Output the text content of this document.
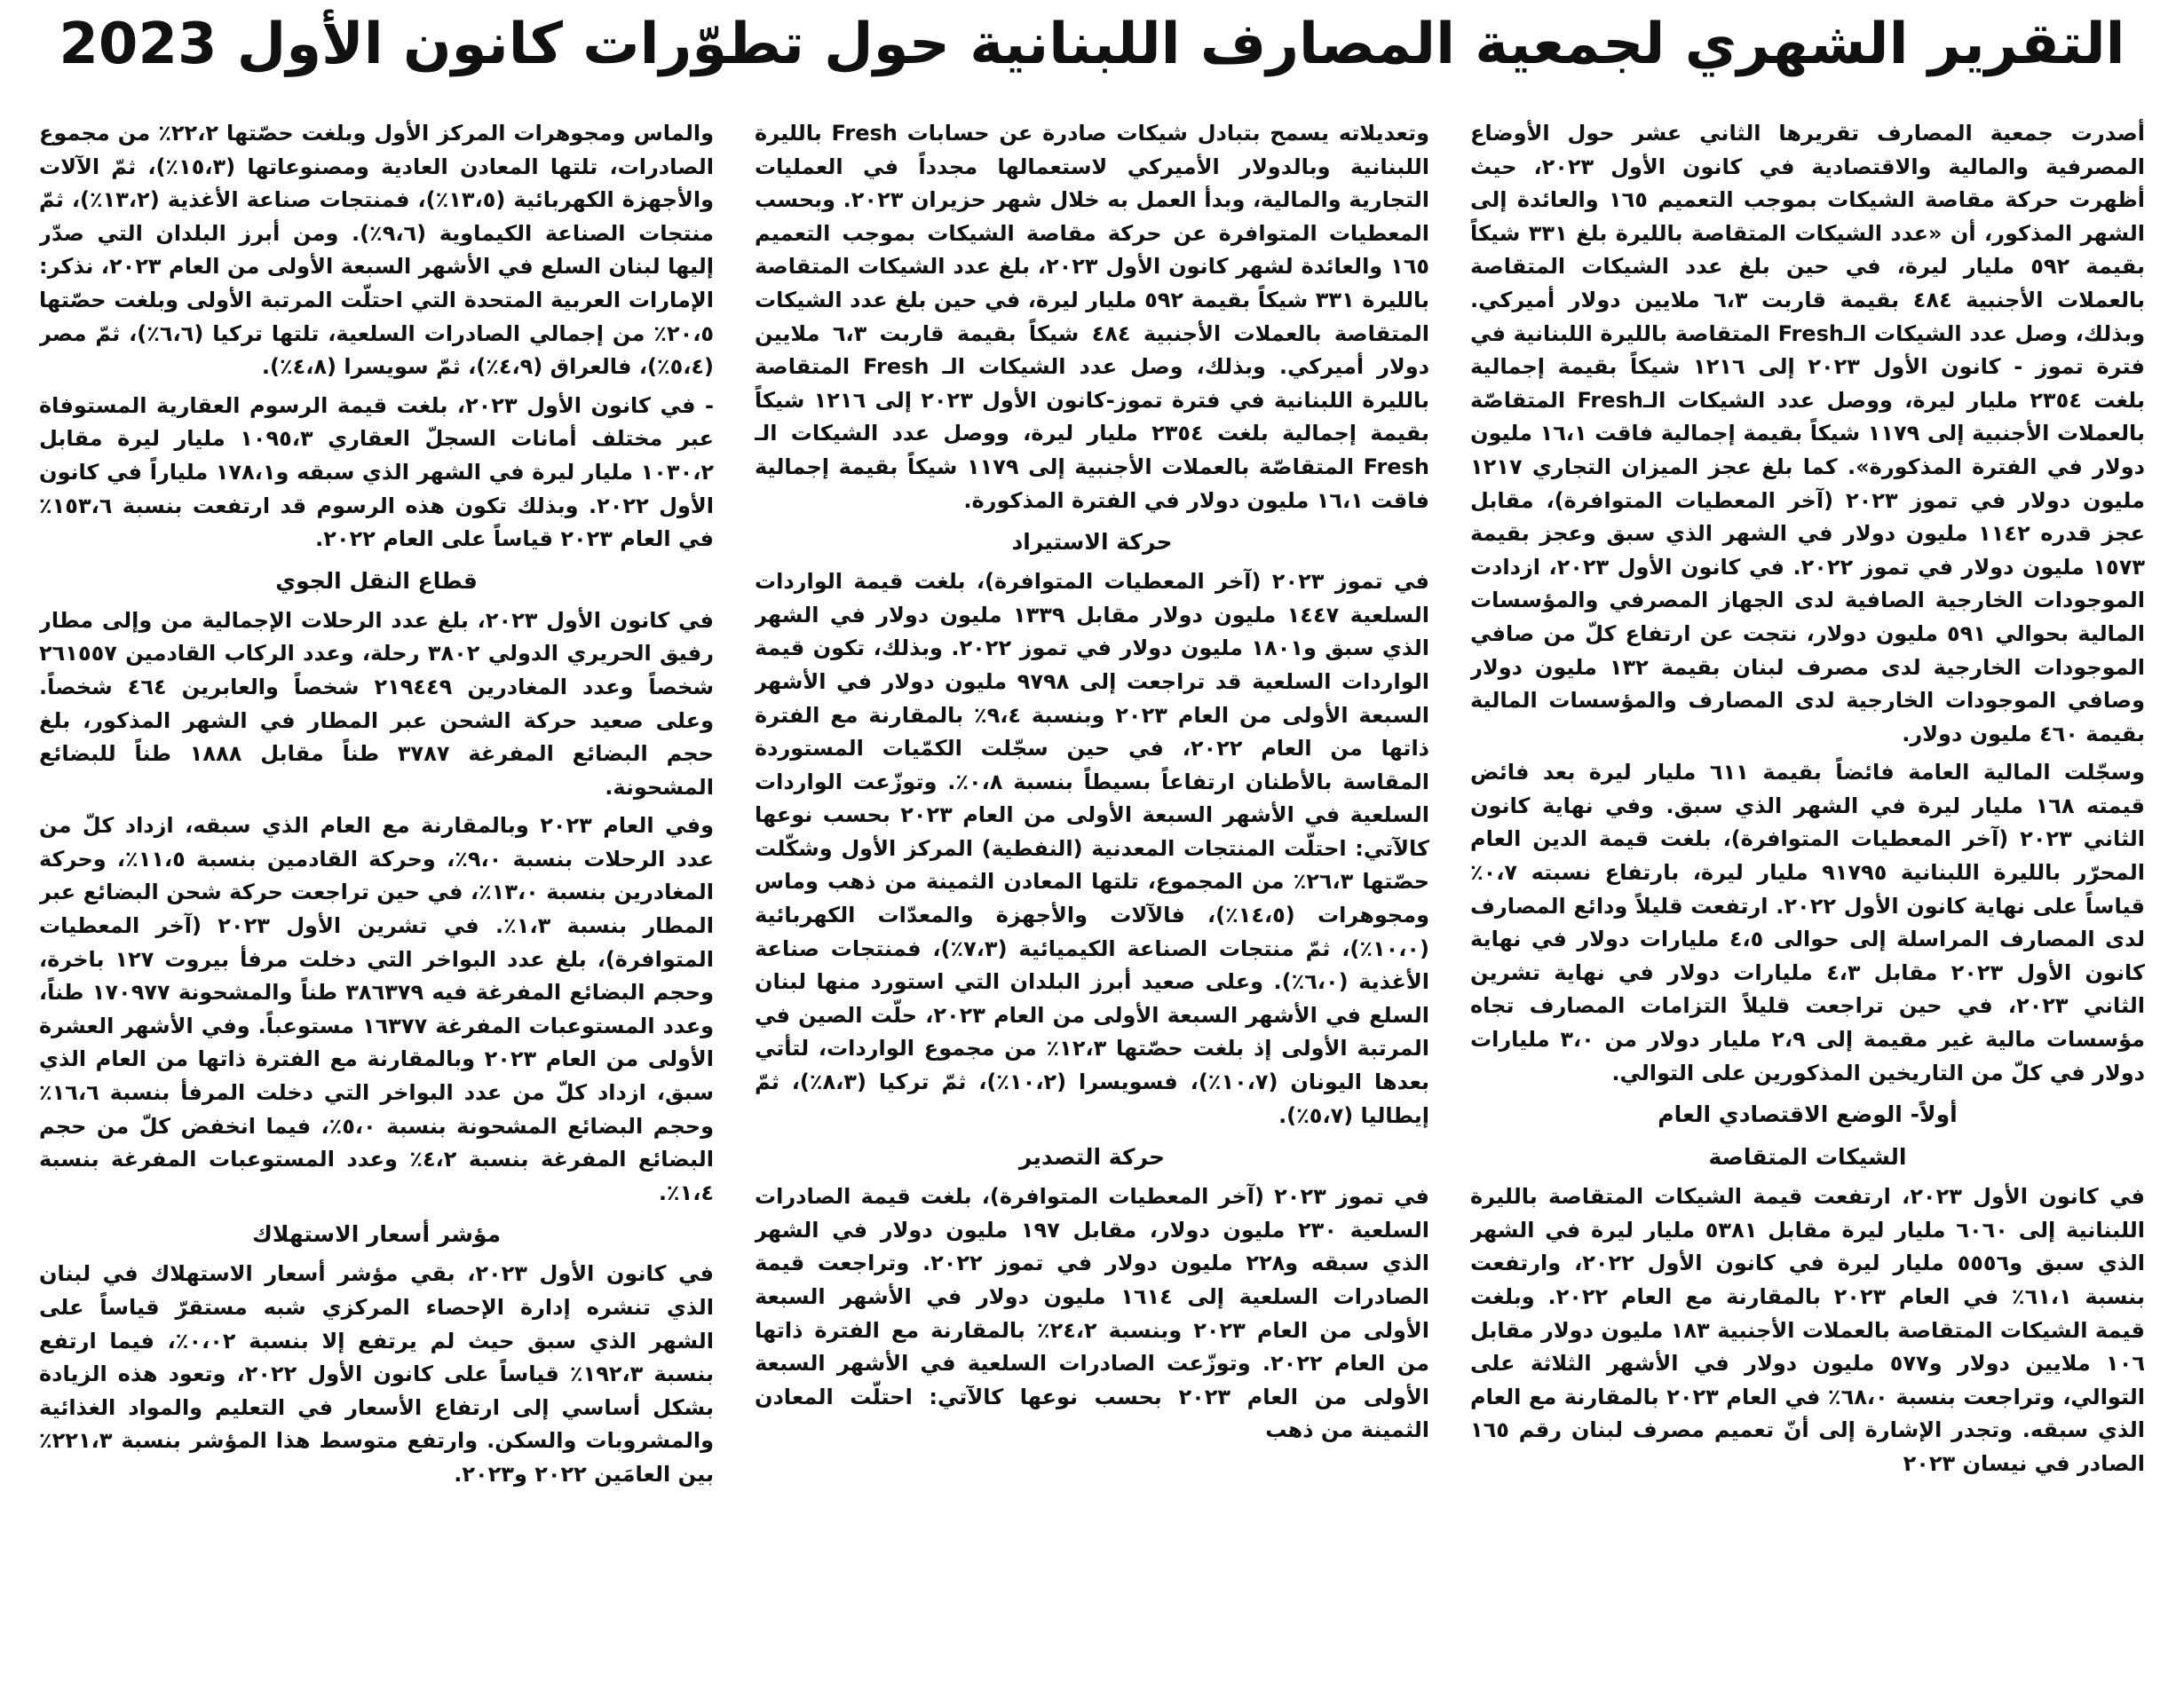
التقرير الشهري لجمعية المصارف اللبنانية حول تطوّرات كانون الأول 2023

أصدرت جمعية المصارف تقريرها الثاني عشر حول الأوضاع المصرفية والمالية والاقتصادية في كانون الأول ٢٠٢٣، حيث أظهرت حركة مقاصة الشيكات بموجب التعميم ١٦٥ والعائدة إلى الشهر المذكور، أن «عدد الشيكات المتقاصة بالليرة بلغ ٣٣١ شيكاً بقيمة ٥٩٢ مليار ليرة، في حين بلغ عدد الشيكات المتقاصة بالعملات الأجنبية ٤٨٤ بقيمة قاربت ٦،٣ ملايين دولار أميركي. وبذلك، وصل عدد الشيكات الـFresh المتقاصة بالليرة اللبنانية في فترة تموز - كانون الأول ٢٠٢٣ إلى ١٢١٦ شيكاً بقيمة إجمالية بلغت ٢٣٥٤ مليار ليرة، ووصل عدد الشيكات الـFresh المتقاصّة بالعملات الأجنبية إلى ١١٧٩ شيكاً بقيمة إجمالية فاقت ١٦،١ مليون دولار في الفترة المذكورة». كما بلغ عجز الميزان التجاري ١٢١٧ مليون دولار في تموز ٢٠٢٣ (آخر المعطيات المتوافرة)، مقابل عجز قدره ١١٤٢ مليون دولار في الشهر الذي سبق وعجز بقيمة ١٥٧٣ مليون دولار في تموز ٢٠٢٢. في كانون الأول ٢٠٢٣، ازدادت الموجودات الخارجية الصافية لدى الجهاز المصرفي والمؤسسات المالية بحوالي ٥٩١ مليون دولار، نتجت عن ارتفاع كلّ من صافي الموجودات الخارجية لدى مصرف لبنان بقيمة ١٣٢ مليون دولار وصافي الموجودات الخارجية لدى المصارف والمؤسسات المالية بقيمة ٤٦٠ مليون دولار.

وسجّلت المالية العامة فائضاً بقيمة ٦١١ مليار ليرة بعد فائض قيمته ١٦٨ مليار ليرة في الشهر الذي سبق. وفي نهاية كانون الثاني ٢٠٢٣ (آخر المعطيات المتوافرة)، بلغت قيمة الدين العام المحرّر بالليرة اللبنانية ٩١٧٩٥ مليار ليرة، بارتفاع نسبته ٠،٧٪ قياساً على نهاية كانون الأول ٢٠٢٢. ارتفعت قليلاً ودائع المصارف لدى المصارف المراسلة إلى حوالى ٤،٥ مليارات دولار في نهاية كانون الأول ٢٠٢٣ مقابل ٤،٣ مليارات دولار في نهاية تشرين الثاني ٢٠٢٣، في حين تراجعت قليلاً التزامات المصارف تجاه مؤسسات مالية غير مقيمة إلى ٢،٩ مليار دولار من ٣،٠ مليارات دولار في كلّ من التاريخين المذكورين على التوالي.

أولاً- الوضع الاقتصادي العام
الشيكات المتقاصة

في كانون الأول ٢٠٢٣، ارتفعت قيمة الشيكات المتقاصة بالليرة اللبنانية إلى ٦٠٦٠ مليار ليرة مقابل ٥٣٨١ مليار ليرة في الشهر الذي سبق و٥٥٥٦ مليار ليرة في كانون الأول ٢٠٢٢، وارتفعت بنسبة ٦١،١٪ في العام ٢٠٢٣ بالمقارنة مع العام ٢٠٢٢. وبلغت قيمة الشيكات المتقاصة بالعملات الأجنبية ١٨٣ مليون دولار مقابل ١٠٦ ملايين دولار و٥٧٧ مليون دولار في الأشهر الثلاثة على التوالي، وتراجعت بنسبة ٦٨،٠٪ في العام ٢٠٢٣ بالمقارنة مع العام الذي سبقه. وتجدر الإشارة إلى أنّ تعميم مصرف لبنان رقم ١٦٥ الصادر في نيسان ٢٠٢٣

وتعديلاته يسمح بتبادل شيكات صادرة عن حسابات Fresh بالليرة اللبنانية وبالدولار الأميركي لاستعمالها مجدداً في العمليات التجارية والمالية، وبدأ العمل به خلال شهر حزيران ٢٠٢٣. وبحسب المعطيات المتوافرة عن حركة مقاصة الشيكات بموجب التعميم ١٦٥ والعائدة لشهر كانون الأول ٢٠٢٣، بلغ عدد الشيكات المتقاصة بالليرة ٣٣١ شيكاً بقيمة ٥٩٢ مليار ليرة، في حين بلغ عدد الشيكات المتقاصة بالعملات الأجنبية ٤٨٤ شيكاً بقيمة قاربت ٦،٣ ملايين دولار أميركي. وبذلك، وصل عدد الشيكات الـ Fresh المتقاصة بالليرة اللبنانية في فترة تموز-كانون الأول ٢٠٢٣ إلى ١٢١٦ شيكاً بقيمة إجمالية بلغت ٢٣٥٤ مليار ليرة، ووصل عدد الشيكات الـ Fresh المتقاصّة بالعملات الأجنبية إلى ١١٧٩ شيكاً بقيمة إجمالية فاقت ١٦،١ مليون دولار في الفترة المذكورة.

حركة الاستيراد

في تموز ٢٠٢٣ (آخر المعطيات المتوافرة)، بلغت قيمة الواردات السلعية ١٤٤٧ مليون دولار مقابل ١٣٣٩ مليون دولار في الشهر الذي سبق و١٨٠١ مليون دولار في تموز ٢٠٢٢. وبذلك، تكون قيمة الواردات السلعية قد تراجعت إلى ٩٧٩٨ مليون دولار في الأشهر السبعة الأولى من العام ٢٠٢٣ وبنسبة ٩،٤٪ بالمقارنة مع الفترة ذاتها من العام ٢٠٢٢، في حين سجّلت الكمّيات المستوردة المقاسة بالأطنان ارتفاعاً بسيطاً بنسبة ٠،٨٪. وتوزّعت الواردات السلعية في الأشهر السبعة الأولى من العام ٢٠٢٣ بحسب نوعها كالآتي: احتلّت المنتجات المعدنية (النفطية) المركز الأول وشكّلت حصّتها ٢٦،٣٪ من المجموع، تلتها المعادن الثمينة من ذهب وماس ومجوهرات (١٤،٥٪)، فالآلات والأجهزة والمعدّات الكهربائية (١٠،٠٪)، ثمّ منتجات الصناعة الكيميائية (٧،٣٪)، فمنتجات صناعة الأغذية (٦،٠٪). وعلى صعيد أبرز البلدان التي استورد منها لبنان السلع في الأشهر السبعة الأولى من العام ٢٠٢٣، حلّت الصين في المرتبة الأولى إذ بلغت حصّتها ١٢،٣٪ من مجموع الواردات، لتأتي بعدها اليونان (١٠،٧٪)، فسويسرا (١٠،٢٪)، ثمّ تركيا (٨،٣٪)، ثمّ إيطاليا (٥،٧٪).

حركة التصدير

في تموز ٢٠٢٣ (آخر المعطيات المتوافرة)، بلغت قيمة الصادرات السلعية ٢٣٠ مليون دولار، مقابل ١٩٧ مليون دولار في الشهر الذي سبقه و٢٢٨ مليون دولار في تموز ٢٠٢٢. وتراجعت قيمة الصادرات السلعية إلى ١٦١٤ مليون دولار في الأشهر السبعة الأولى من العام ٢٠٢٣ وبنسبة ٢٤،٢٪ بالمقارنة مع الفترة ذاتها من العام ٢٠٢٢. وتوزّعت الصادرات السلعية في الأشهر السبعة الأولى من العام ٢٠٢٣ بحسب نوعها كالآتي: احتلّت المعادن الثمينة من ذهب

والماس ومجوهرات المركز الأول وبلغت حصّتها ٢٢،٢٪ من مجموع الصادرات، تلتها المعادن العادية ومصنوعاتها (١٥،٣٪)، ثمّ الآلات والأجهزة الكهربائية (١٣،٥٪)، فمنتجات صناعة الأغذية (١٣،٢٪)، ثمّ منتجات الصناعة الكيماوية (٩،٦٪). ومن أبرز البلدان التي صدّر إليها لبنان السلع في الأشهر السبعة الأولى من العام ٢٠٢٣، نذكر: الإمارات العربية المتحدة التي احتلّت المرتبة الأولى وبلغت حصّتها ٢٠،٥٪ من إجمالي الصادرات السلعية، تلتها تركيا (٦،٦٪)، ثمّ مصر (٥،٤٪)، فالعراق (٤،٩٪)، ثمّ سويسرا (٤،٨٪).

- في كانون الأول ٢٠٢٣، بلغت قيمة الرسوم العقارية المستوفاة عبر مختلف أمانات السجلّ العقاري ١٠٩٥،٣ مليار ليرة مقابل ١٠٣٠،٢ مليار ليرة في الشهر الذي سبقه و١٧٨،١ ملياراً في كانون الأول ٢٠٢٢. وبذلك تكون هذه الرسوم قد ارتفعت بنسبة ١٥٣،٦٪ في العام ٢٠٢٣ قياساً على العام ٢٠٢٢.

قطاع النقل الجوي

في كانون الأول ٢٠٢٣، بلغ عدد الرحلات الإجمالية من وإلى مطار رفيق الحريري الدولي ٣٨٠٢ رحلة، وعدد الركاب القادمين ٢٦١٥٥٧ شخصاً وعدد المغادرين ٢١٩٤٤٩ شخصاً والعابرين ٤٦٤ شخصاً. وعلى صعيد حركة الشحن عبر المطار في الشهر المذكور، بلغ حجم البضائع المفرغة ٣٧٨٧ طناً مقابل ١٨٨٨ طناً للبضائع المشحونة.

وفي العام ٢٠٢٣ وبالمقارنة مع العام الذي سبقه، ازداد كلّ من عدد الرحلات بنسبة ٩،٠٪، وحركة القادمين بنسبة ١١،٥٪، وحركة المغادرين بنسبة ١٣،٠٪، في حين تراجعت حركة شحن البضائع عبر المطار بنسبة ١،٣٪. في تشرين الأول ٢٠٢٣ (آخر المعطيات المتوافرة)، بلغ عدد البواخر التي دخلت مرفأ بيروت ١٢٧ باخرة، وحجم البضائع المفرغة فيه ٣٨٦٣٧٩ طناً والمشحونة ١٧٠٩٧٧ طناً، وعدد المستوعبات المفرغة ١٦٣٧٧ مستوعباً. وفي الأشهر العشرة الأولى من العام ٢٠٢٣ وبالمقارنة مع الفترة ذاتها من العام الذي سبق، ازداد كلّ من عدد البواخر التي دخلت المرفأ بنسبة ١٦،٦٪ وحجم البضائع المشحونة بنسبة ٥،٠٪، فيما انخفض كلّ من حجم البضائع المفرغة بنسبة ٤،٢٪ وعدد المستوعبات المفرغة بنسبة ١،٤٪.

مؤشر أسعار الاستهلاك

في كانون الأول ٢٠٢٣، بقي مؤشر أسعار الاستهلاك في لبنان الذي تنشره إدارة الإحصاء المركزي شبه مستقرّ قياساً على الشهر الذي سبق حيث لم يرتفع إلا بنسبة ٠،٠٢٪، فيما ارتفع بنسبة ١٩٢،٣٪ قياساً على كانون الأول ٢٠٢٢، وتعود هذه الزيادة بشكل أساسي إلى ارتفاع الأسعار في التعليم والمواد الغذائية والمشروبات والسكن. وارتفع متوسط هذا المؤشر بنسبة ٢٢١،٣٪ بين العامَين ٢٠٢٢ و٢٠٢٣.
